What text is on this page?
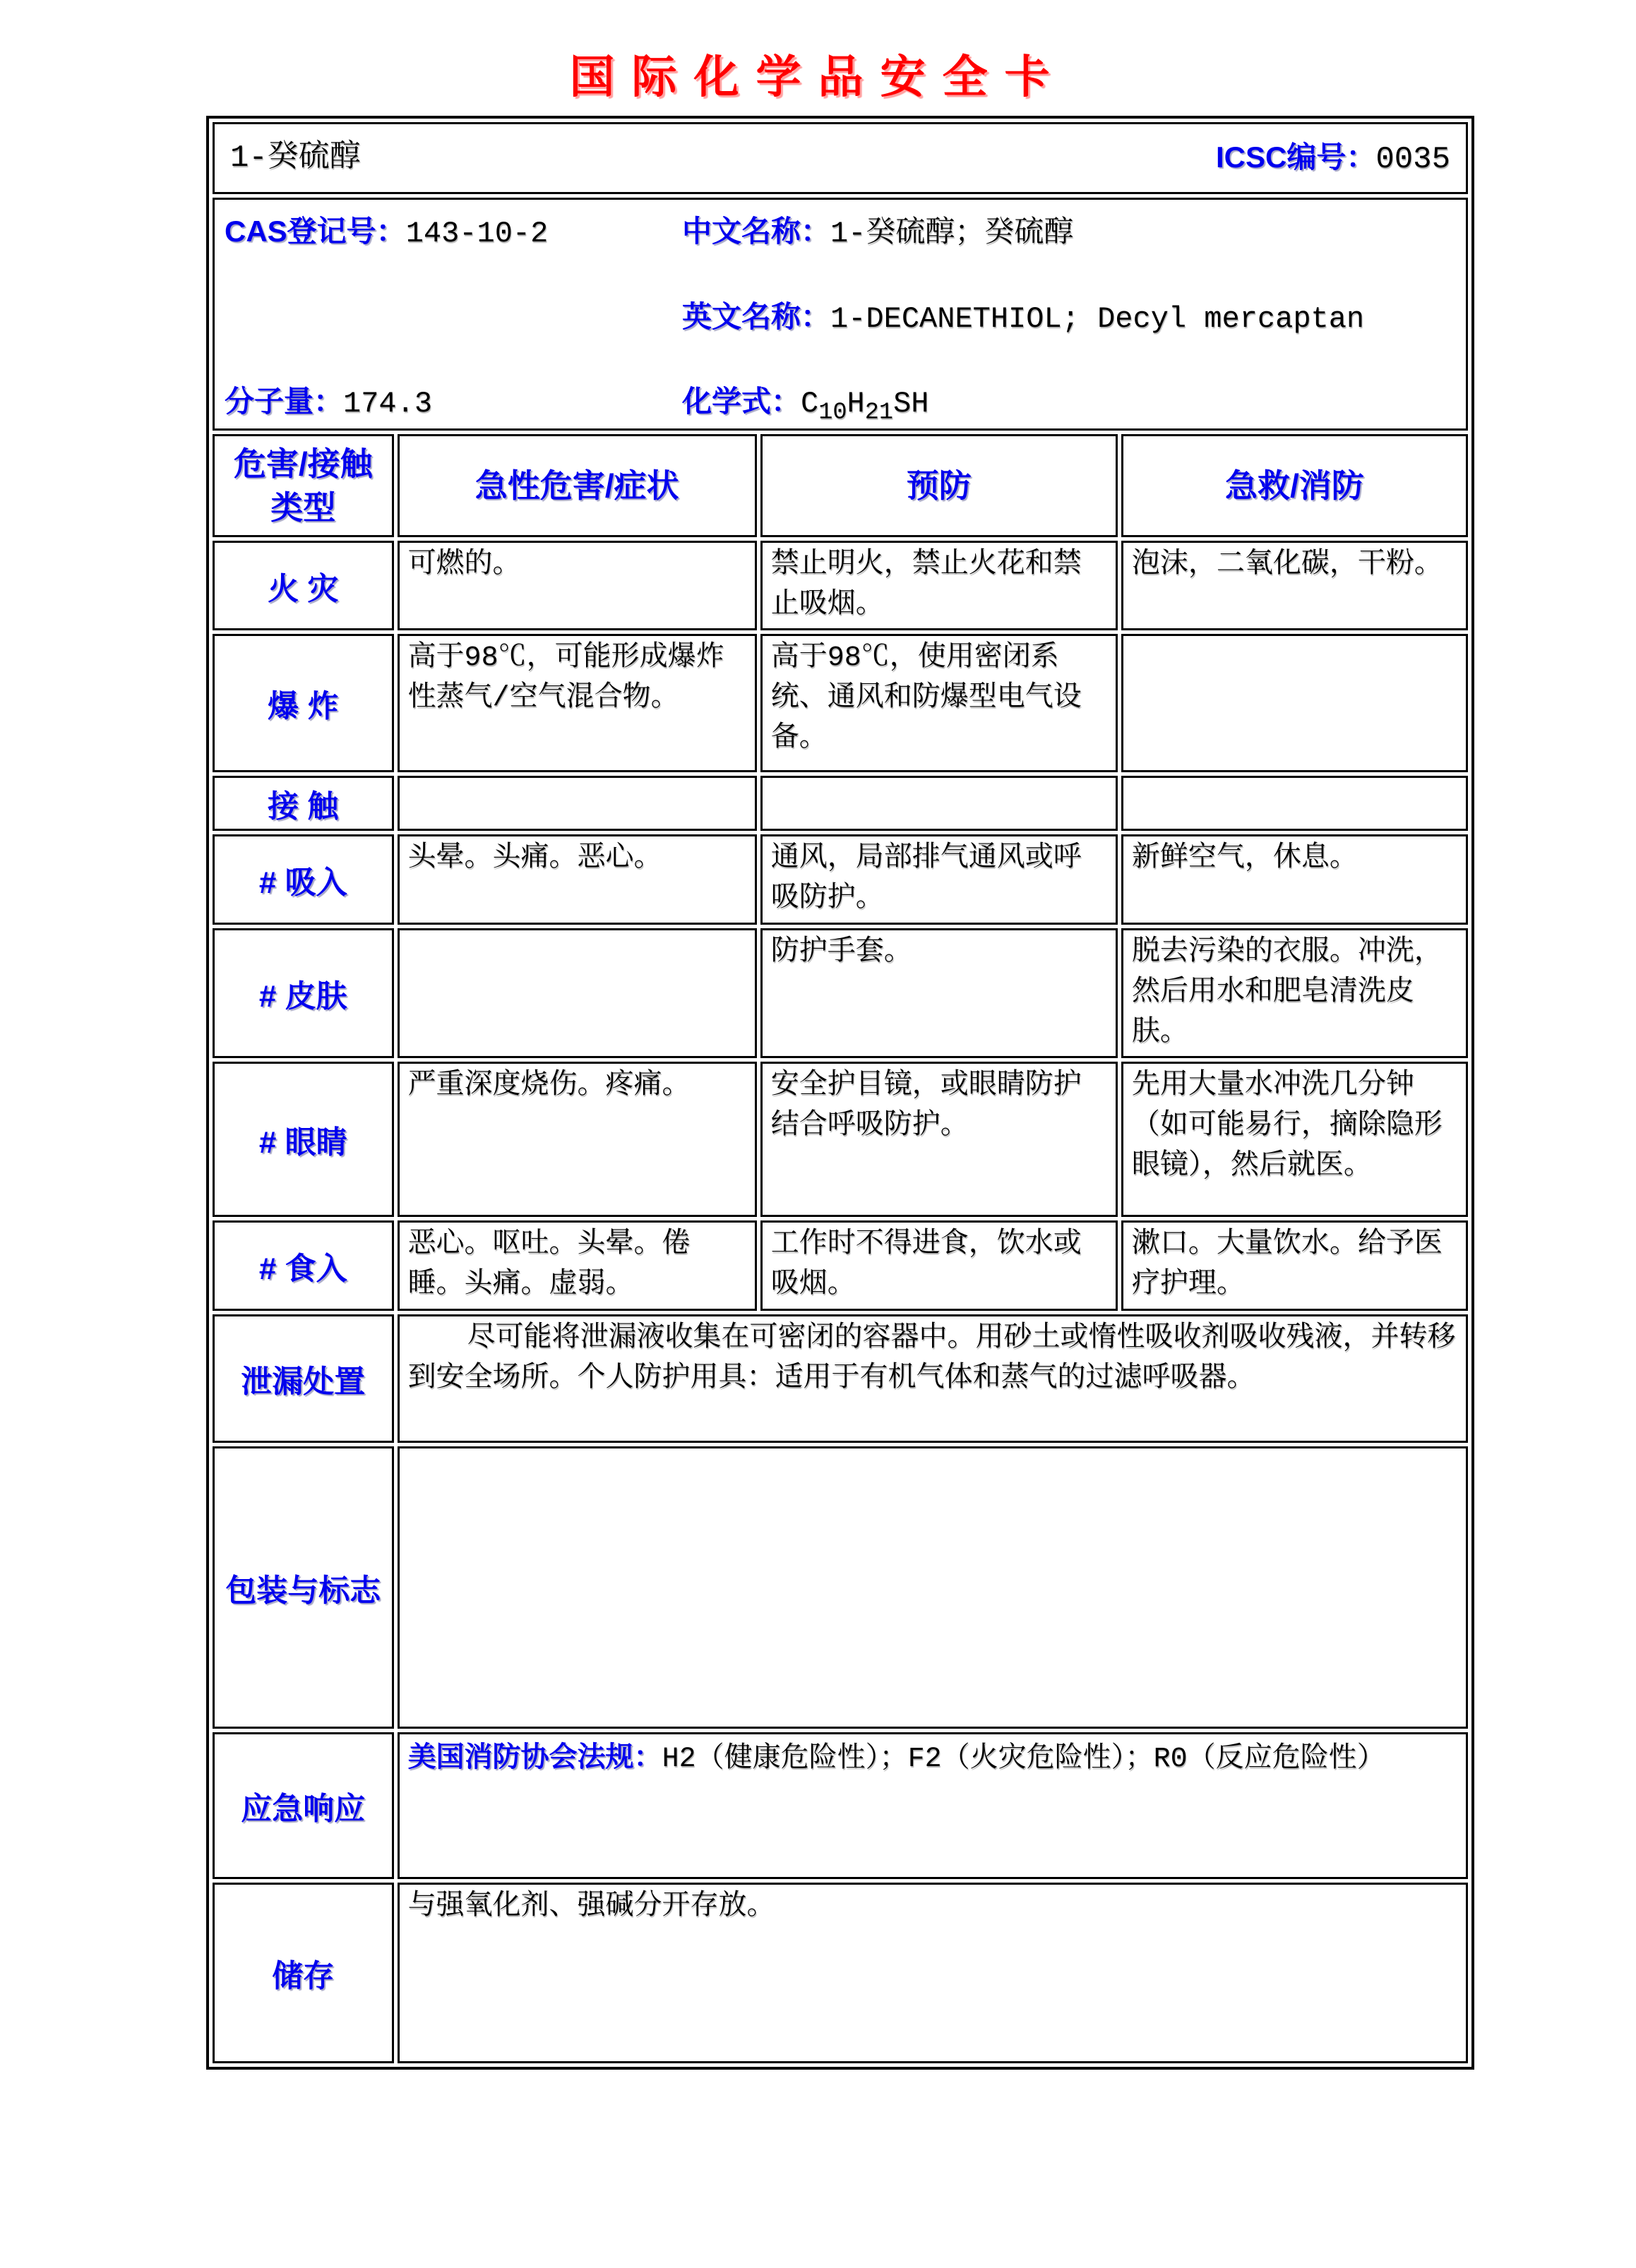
国际化学品安全卡
1-癸硫醇 ICSC编号：0035			

CAS登记号：143-10-2 中文名称：1-癸硫醇；癸硫醇
英文名称：1-DECANETHIOL; Decyl mercaptan
分子量：174.3 化学式：$C_{10}H_{21}SH$			

危害/接触
类型	急性危害/症状	预防	急救/消防
火 灾	可燃的。	禁止明火，禁止火花和禁止吸烟。	泡沫，二氧化碳，干粉。
爆 炸	高于98℃，可能形成爆炸性蒸气/空气混合物。	高于98℃，使用密闭系统、通风和防爆型电气设备。	
接 触			
# 吸入	头晕。头痛。恶心。	通风，局部排气通风或呼吸防护。	新鲜空气，休息。
# 皮肤		防护手套。	脱去污染的衣服。冲洗，然后用水和肥皂清洗皮肤。
# 眼睛	严重深度烧伤。疼痛。	安全护目镜，或眼睛防护结合呼吸防护。	先用大量水冲洗几分钟（如可能易行，摘除隐形眼镜），然后就医。
# 食入	恶心。呕吐。头晕。倦睡。头痛。虚弱。	工作时不得进食，饮水或吸烟。	漱口。大量饮水。给予医疗护理。
泄漏处置	尽可能将泄漏液收集在可密闭的容器中。用砂土或惰性吸收剂吸收残液，并转移到安全场所。个人防护用具：适用于有机气体和蒸气的过滤呼吸器。		

包装与标志			

应急响应	美国消防协会法规：H2（健康危险性）；F2（火灾危险性）；R0（反应危险性）		

储存	与强氧化剂、强碱分开存放。		
